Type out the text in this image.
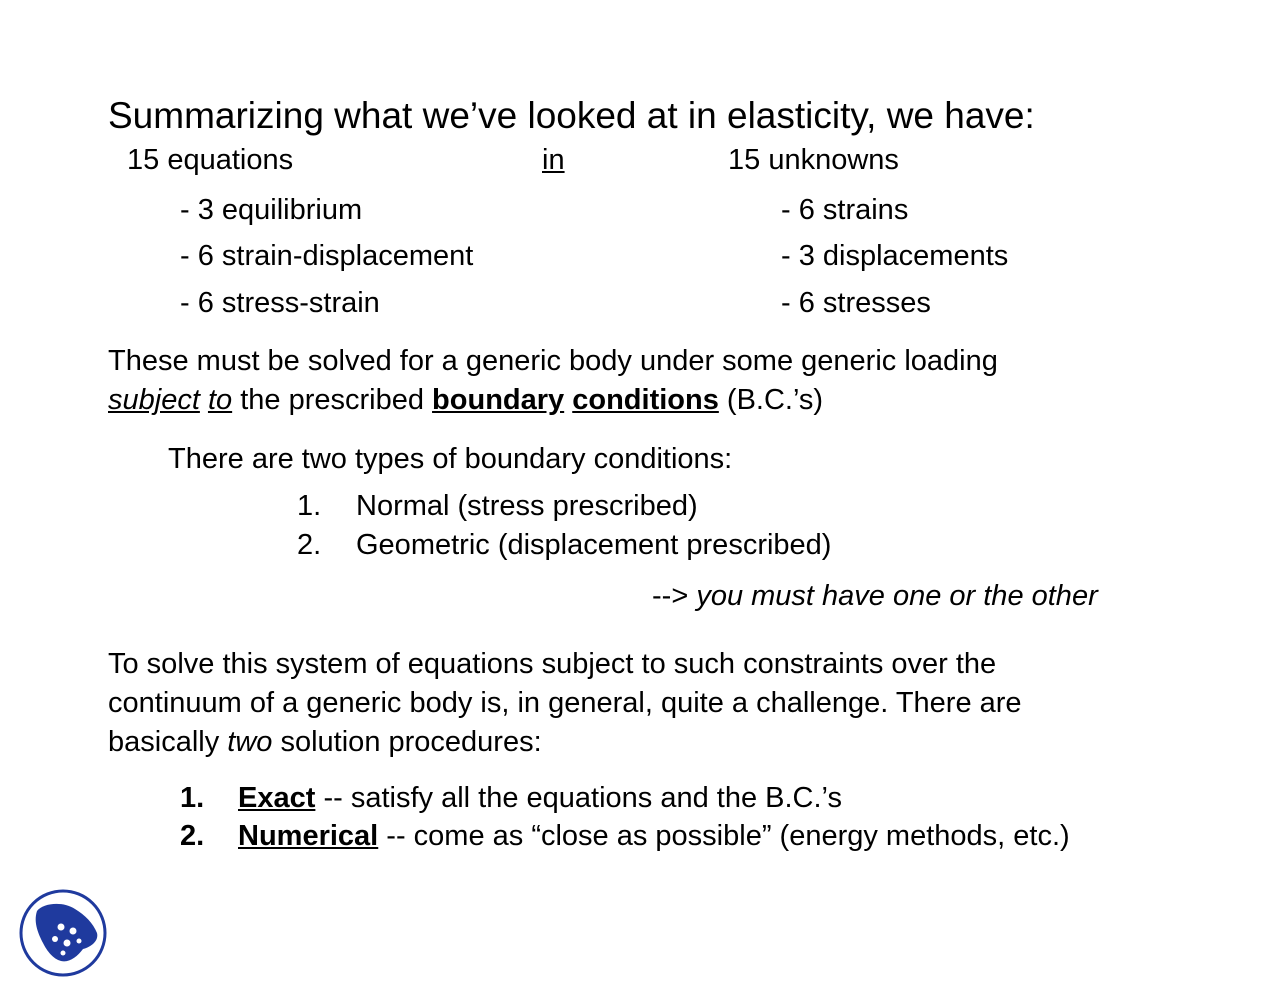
Summarizing what we’ve looked at in elasticity, we have:
15 equations	in	15 unknowns
- 3 equilibrium
- 6 strain-displacement
- 6 stress-strain
- 6 strains
- 3 displacements
- 6 stresses
These must be solved for a generic body under some generic loading
subject to the prescribed boundary conditions (B.C.’s)
There are two types of boundary conditions:
1. Normal (stress prescribed)
2. Geometric (displacement prescribed)
--> you must have one or the other
To solve this system of equations subject to such constraints over the
continuum of a generic body is, in general, quite a challenge. There are
basically two solution procedures:
1. Exact -- satisfy all the equations and the B.C.’s
2. Numerical -- come as “close as possible” (energy methods, etc.)
